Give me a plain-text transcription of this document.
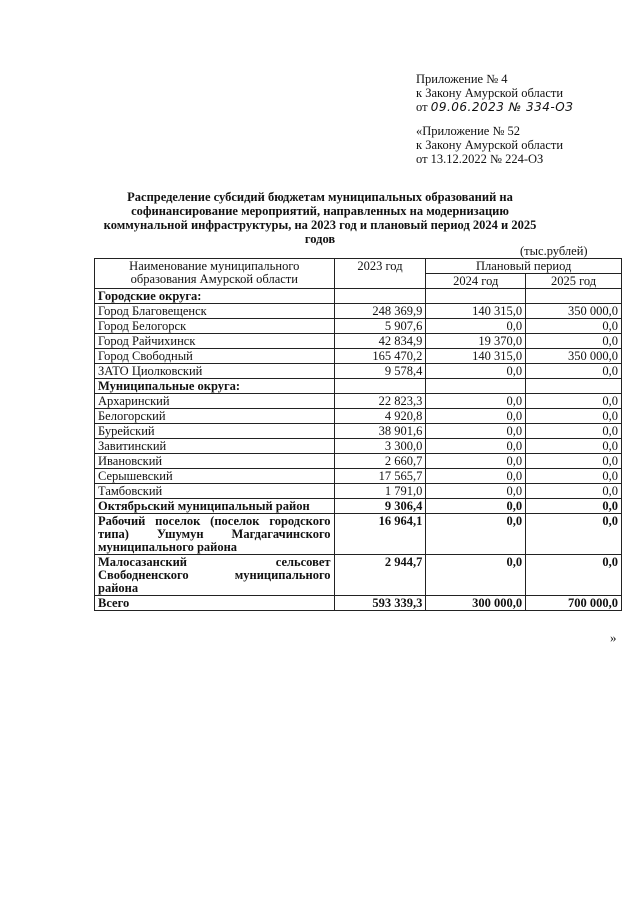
Приложение № 4
к Закону Амурской области
от 09.06.2023 № 334-ОЗ
«Приложение № 52
к Закону Амурской области
от 13.12.2022 № 224-ОЗ
Распределение субсидий бюджетам муниципальных образований на софинансирование мероприятий, направленных на модернизацию коммунальной инфраструктуры, на 2023 год и плановый период 2024 и 2025 годов
(тыс.рублей)
Наименование муниципального образования Амурской области	2023 год	Плановый период	
		2024 год	2025 год
Городские округа:			
Город Благовещенск	248 369,9	140 315,0	350 000,0
Город Белогорск	5 907,6	0,0	0,0
Город Райчихинск	42 834,9	19 370,0	0,0
Город Свободный	165 470,2	140 315,0	350 000,0
ЗАТО Циолковский	9 578,4	0,0	0,0
Муниципальные округа:			
Архаринский	22 823,3	0,0	0,0
Белогорский	4 920,8	0,0	0,0
Бурейский	38 901,6	0,0	0,0
Завитинский	3 300,0	0,0	0,0
Ивановский	2 660,7	0,0	0,0
Серышевский	17 565,7	0,0	0,0
Тамбовский	1 791,0	0,0	0,0
Октябрьский муниципальный район	9 306,4	0,0	0,0
Рабочий поселок (поселок городского типа) Ушумун Магдагачинского муниципального района	16 964,1	0,0	0,0
Малосазанский сельсовет Свободненского муниципального района	2 944,7	0,0	0,0
Всего	593 339,3	300 000,0	700 000,0
»
